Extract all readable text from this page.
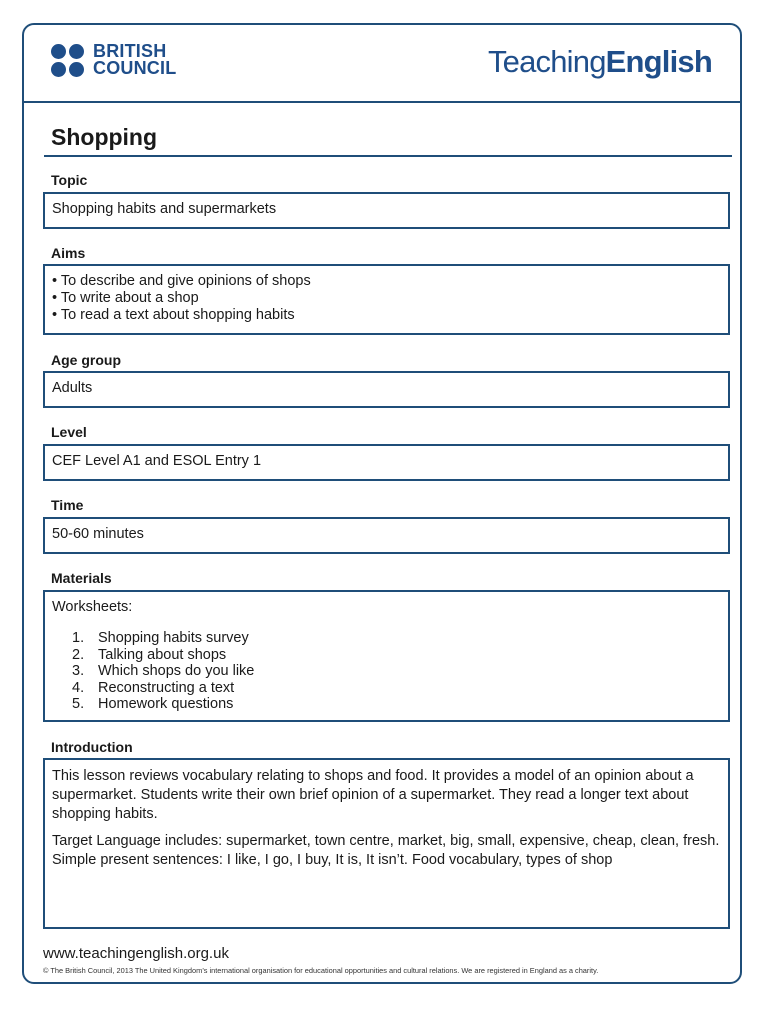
BRITISH
COUNCIL	TeachingEnglish
Shopping
Topic
Shopping habits and supermarkets
Aims
• To describe and give opinions of shops
• To write about a shop
• To read a text about shopping habits
Age group
Adults
Level
CEF Level A1 and ESOL Entry 1
Time
50-60 minutes
Materials
Worksheets:
1. Shopping habits survey
2. Talking about shops
3. Which shops do you like
4. Reconstructing a text
5. Homework questions
Introduction

This lesson reviews vocabulary relating to shops and food. It provides a model of an opinion about a supermarket. Students write their own brief opinion of a supermarket. They read a longer text about shopping habits.

Target Language includes: supermarket, town centre, market, big, small, expensive, cheap, clean, fresh. Simple present sentences: I like, I go, I buy, It is, It isn’t. Food vocabulary, types of shop

www.teachingenglish.org.uk
© The British Council, 2013 The United Kingdom’s international organisation for educational opportunities and cultural relations. We are registered in England as a charity.
